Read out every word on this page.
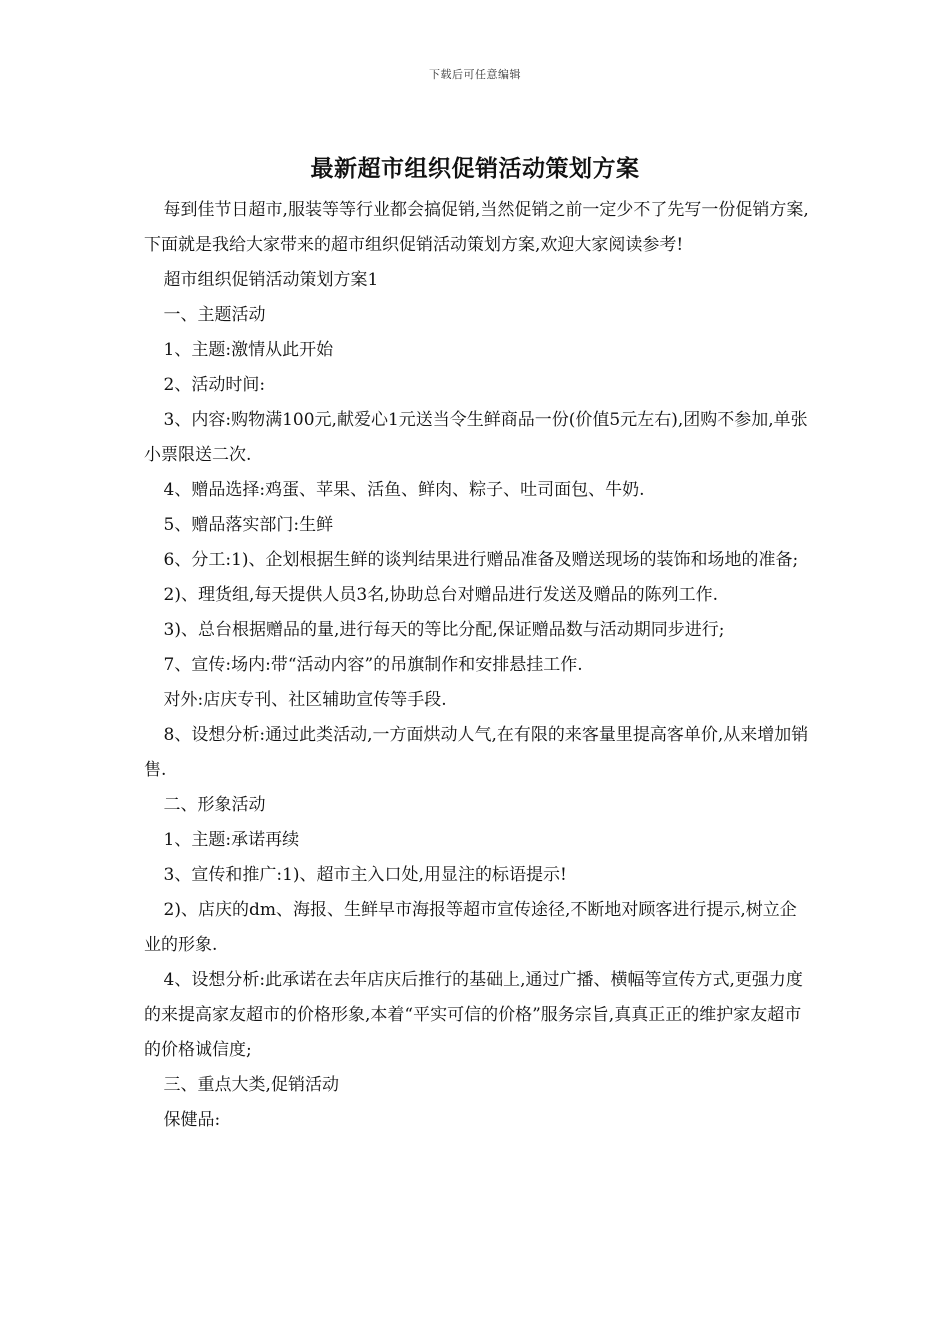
下载后可任意编辑
最新超市组织促销活动策划方案

每到佳节日超市,服装等等行业都会搞促销,当然促销之前一定少不了先写一份促销方案,下面就是我给大家带来的超市组织促销活动策划方案,欢迎大家阅读参考!

超市组织促销活动策划方案1

一、主题活动

1、主题:激情从此开始

2、活动时间:

3、内容:购物满100元,献爱心1元送当令生鲜商品一份(价值5元左右),团购不参加,单张小票限送二次.

4、赠品选择:鸡蛋、苹果、活鱼、鲜肉、粽子、吐司面包、牛奶.

5、赠品落实部门:生鲜

6、分工:1)、企划根据生鲜的谈判结果进行赠品准备及赠送现场的装饰和场地的准备;

2)、理货组,每天提供人员3名,协助总台对赠品进行发送及赠品的陈列工作.

3)、总台根据赠品的量,进行每天的等比分配,保证赠品数与活动期同步进行;

7、宣传:场内:带“活动内容”的吊旗制作和安排悬挂工作.

对外:店庆专刊、社区辅助宣传等手段.

8、设想分析:通过此类活动,一方面烘动人气,在有限的来客量里提高客单价,从来增加销售.

二、形象活动

1、主题:承诺再续

3、宣传和推广:1)、超市主入口处,用显注的标语提示!

2)、店庆的dm、海报、生鲜早市海报等超市宣传途径,不断地对顾客进行提示,树立企业的形象.

4、设想分析:此承诺在去年店庆后推行的基础上,通过广播、横幅等宣传方式,更强力度的来提高家友超市的价格形象,本着“平实可信的价格”服务宗旨,真真正正的维护家友超市的价格诚信度;

三、重点大类,促销活动

保健品:
